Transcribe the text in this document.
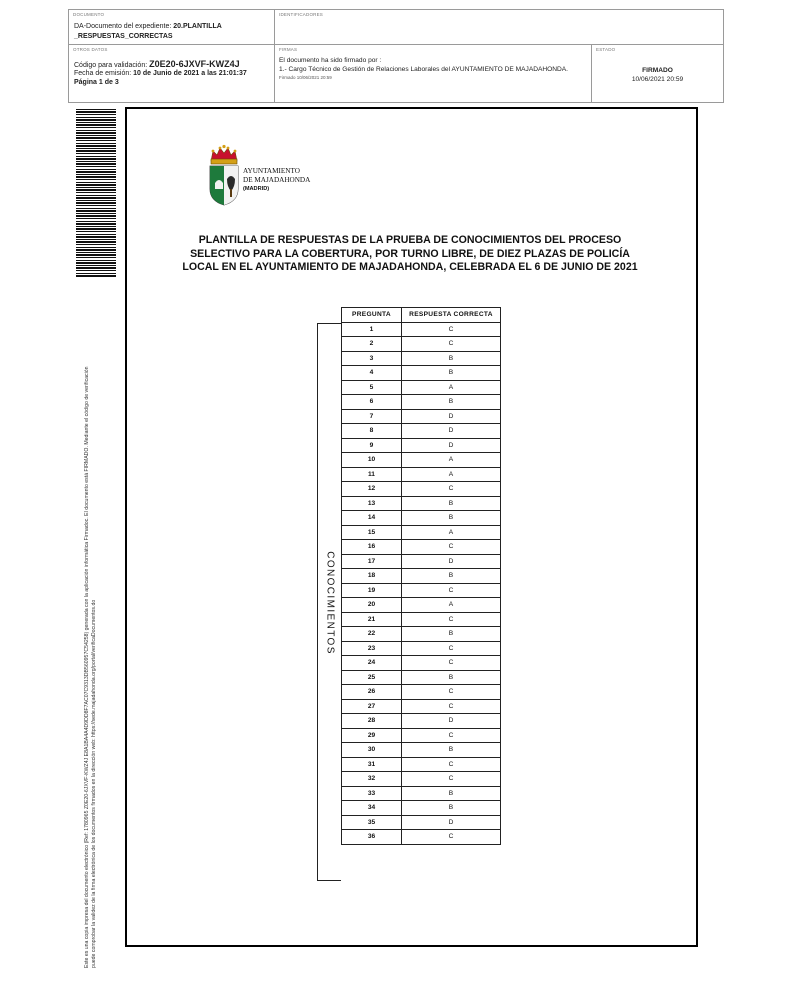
DOCUMENTO
DA-Documento del expediente: 20.PLANTILLA _RESPUESTAS_CORRECTAS
IDENTIFICADORES
OTROS DATOS
Código para validación: Z0E20-6JXVF-KWZ4J
Fecha de emisión: 10 de Junio de 2021 a las 21:01:37
Página 1 de 3
FIRMAS
El documento ha sido firmado por :
1.- Cargo Técnico de Gestión de Relaciones Laborales del AYUNTAMIENTO DE MAJADAHONDA.
Firmado 10/06/2021 20:59
ESTADO
FIRMADO
10/06/2021 20:59
Este es una copia impresa del documento electrónico (Ref: 1780965 Z0E20-6JXVF-KWZ4J E8A1BA4A4D9DD8F7AC07C9313DB560957C54258) generada con la aplicación informática Firmadoc. El documento está FIRMADO. Mediante el código de verificación puede comprobar la validez de la firma electrónica de los documentos firmados en la dirección web: https://sede.majadahonda.org/portal/verificaDocumentos.do
AYUNTAMIENTO
DE MAJADAHONDA
(MADRID)
PLANTILLA DE RESPUESTAS DE LA PRUEBA DE CONOCIMIENTOS DEL PROCESO
SELECTIVO PARA LA COBERTURA, POR TURNO LIBRE, DE DIEZ PLAZAS DE POLICÍA
LOCAL EN EL AYUNTAMIENTO DE MAJADAHONDA, CELEBRADA EL 6 DE JUNIO DE 2021
CONOCIMIENTOS
PREGUNTA	RESPUESTA CORRECTA
1	C
2	C
3	B
4	B
5	A
6	B
7	D
8	D
9	D
10	A
11	A
12	C
13	B
14	B
15	A
16	C
17	D
18	B
19	C
20	A
21	C
22	B
23	C
24	C
25	B
26	C
27	C
28	D
29	C
30	B
31	C
32	C
33	B
34	B
35	D
36	C
